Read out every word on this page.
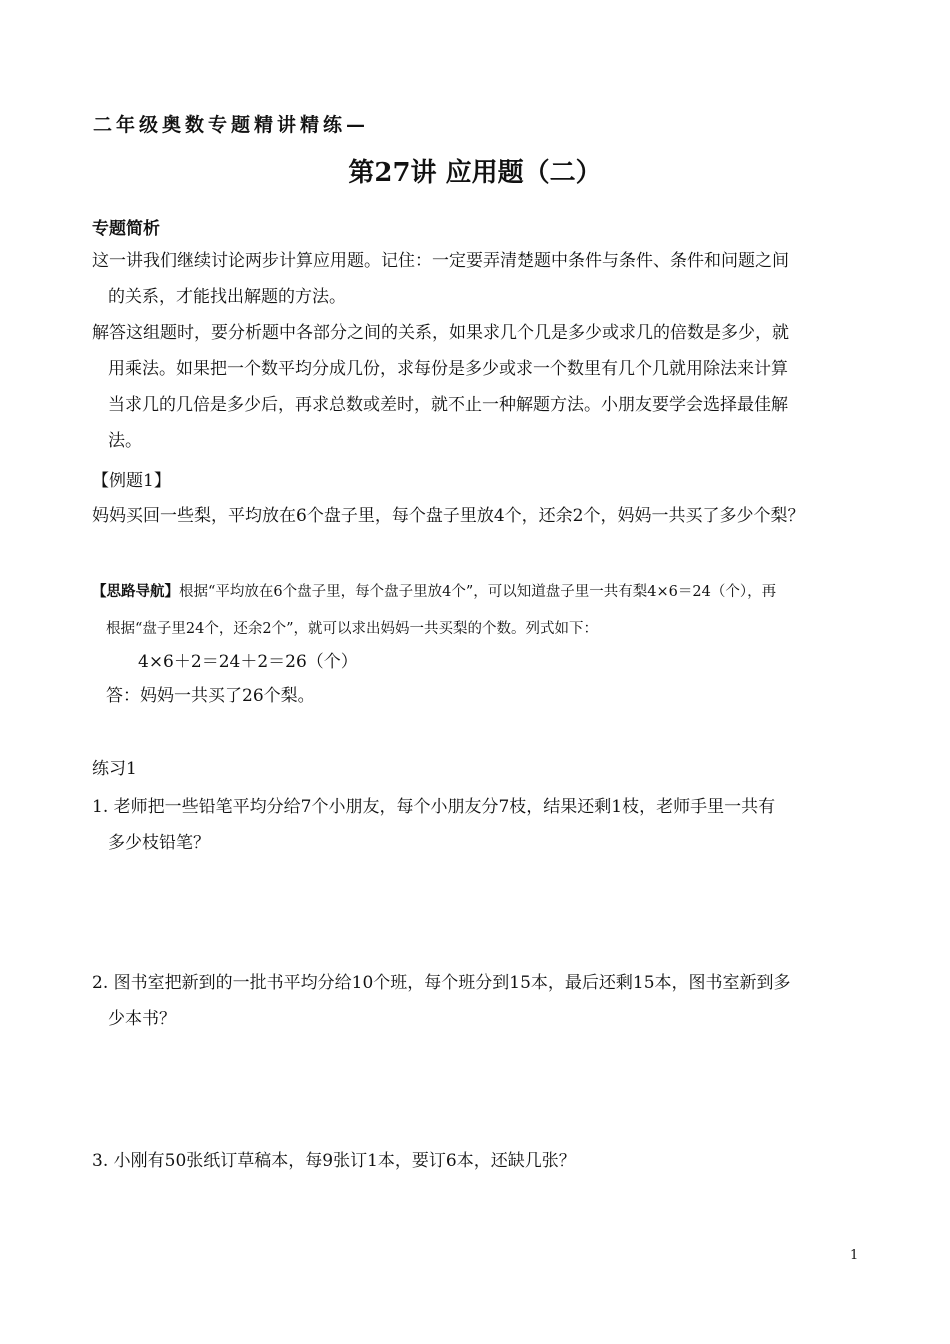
二年级奥数专题精讲精练—
第27讲 应用题（二）
专题简析

这一讲我们继续讨论两步计算应用题。记住：一定要弄清楚题中条件与条件、条件和问题之间
的关系，才能找出解题的方法。

解答这组题时，要分析题中各部分之间的关系，如果求几个几是多少或求几的倍数是多少，就
用乘法。如果把一个数平均分成几份，求每份是多少或求一个数里有几个几就用除法来计算
当求几的几倍是多少后，再求总数或差时，就不止一种解题方法。小朋友要学会选择最佳解
法。

【例题1】
妈妈买回一些梨，平均放在6个盘子里，每个盘子里放4个，还余2个，妈妈一共买了多少个梨？
【思路导航】根据“平均放在6个盘子里，每个盘子里放4个”，可以知道盘子里一共有梨4×6＝24（个），再
根据“盘子里24个，还余2个”，就可以求出妈妈一共买梨的个数。列式如下：
4×6＋2＝24＋2＝26（个）
答：妈妈一共买了26个梨。
练习1

1. 老师把一些铅笔平均分给7个小朋友，每个小朋友分7枝，结果还剩1枝，老师手里一共有
多少枝铅笔？

2. 图书室把新到的一批书平均分给10个班，每个班分到15本，最后还剩15本，图书室新到多
少本书？

3. 小刚有50张纸订草稿本，每9张订1本，要订6本，还缺几张？

1
